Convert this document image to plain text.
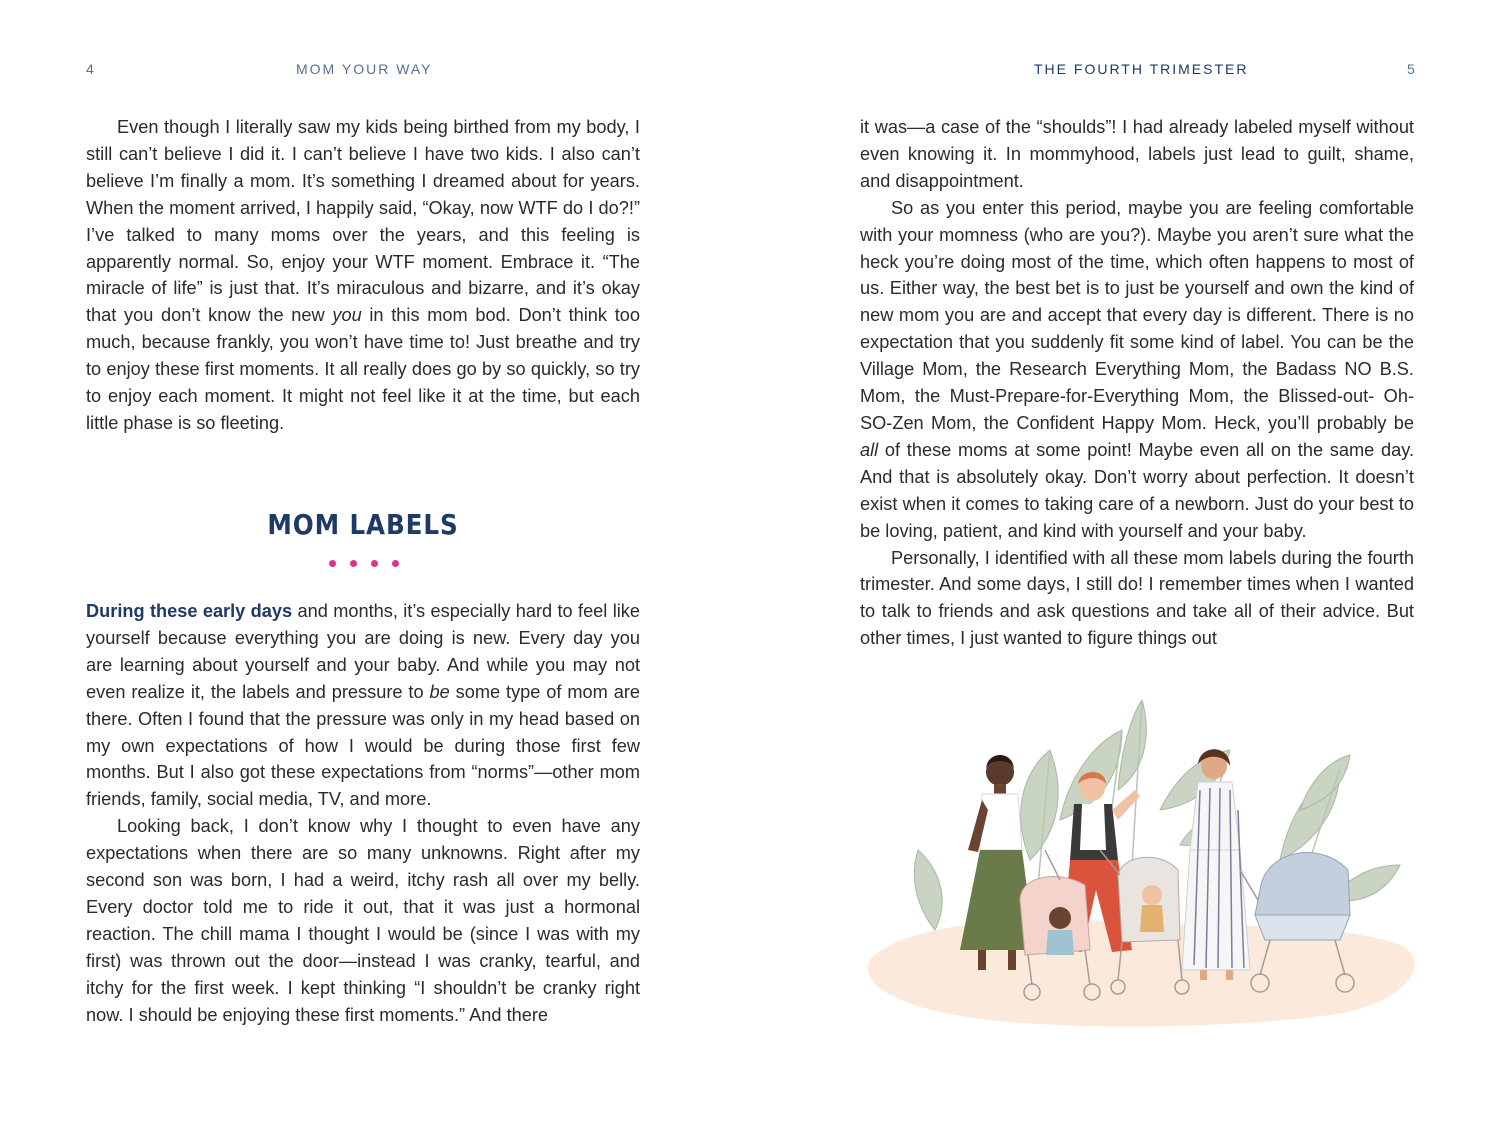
4	MOM YOUR WAY

Even though I literally saw my kids being birthed from my body, I still can’t believe I did it. I can’t believe I have two kids. I also can’t believe I’m finally a mom. It’s something I dreamed about for years. When the moment arrived, I happily said, “Okay, now WTF do I do?!” I’ve talked to many moms over the years, and this feeling is apparently normal. So, enjoy your WTF moment. Embrace it. “The miracle of life” is just that. It’s miraculous and bizarre, and it’s okay that you don’t know the new you in this mom bod. Don’t think too much, because frankly, you won’t have time to! Just breathe and try to enjoy these first moments. It all really does go by so quickly, so try to enjoy each moment. It might not feel like it at the time, but each little phase is so fleeting.

MOM LABELS

During these early days and months, it’s especially hard to feel like yourself because everything you are doing is new. Every day you are learning about yourself and your baby. And while you may not even realize it, the labels and pressure to be some type of mom are there. Often I found that the pressure was only in my head based on my own expectations of how I would be during those first few months. But I also got these expectations from “norms”—other mom friends, family, social media, TV, and more.

Looking back, I don’t know why I thought to even have any expectations when there are so many unknowns. Right after my second son was born, I had a weird, itchy rash all over my belly. Every doctor told me to ride it out, that it was just a hormonal reaction. The chill mama I thought I would be (since I was with my first) was thrown out the door—instead I was cranky, tearful, and itchy for the first week. I kept thinking “I shouldn’t be cranky right now. I should be enjoying these first moments.” And there

THE FOURTH TRIMESTER	5

it was—a case of the “shoulds”! I had already labeled myself without even knowing it. In mommyhood, labels just lead to guilt, shame, and disappointment.

So as you enter this period, maybe you are feeling comfortable with your momness (who are you?). Maybe you aren’t sure what the heck you’re doing most of the time, which often happens to most of us. Either way, the best bet is to just be yourself and own the kind of new mom you are and accept that every day is different. There is no expectation that you suddenly fit some kind of label. You can be the Village Mom, the Research Everything Mom, the Badass NO B.S. Mom, the Must-Prepare-for-Everything Mom, the Blissed-out- Oh-SO-Zen Mom, the Confident Happy Mom. Heck, you’ll probably be all of these moms at some point! Maybe even all on the same day. And that is absolutely okay. Don’t worry about perfection. It doesn’t exist when it comes to taking care of a newborn. Just do your best to be loving, patient, and kind with yourself and your baby.

Personally, I identified with all these mom labels during the fourth trimester. And some days, I still do! I remember times when I wanted to talk to friends and ask questions and take all of their advice. But other times, I just wanted to figure things out
